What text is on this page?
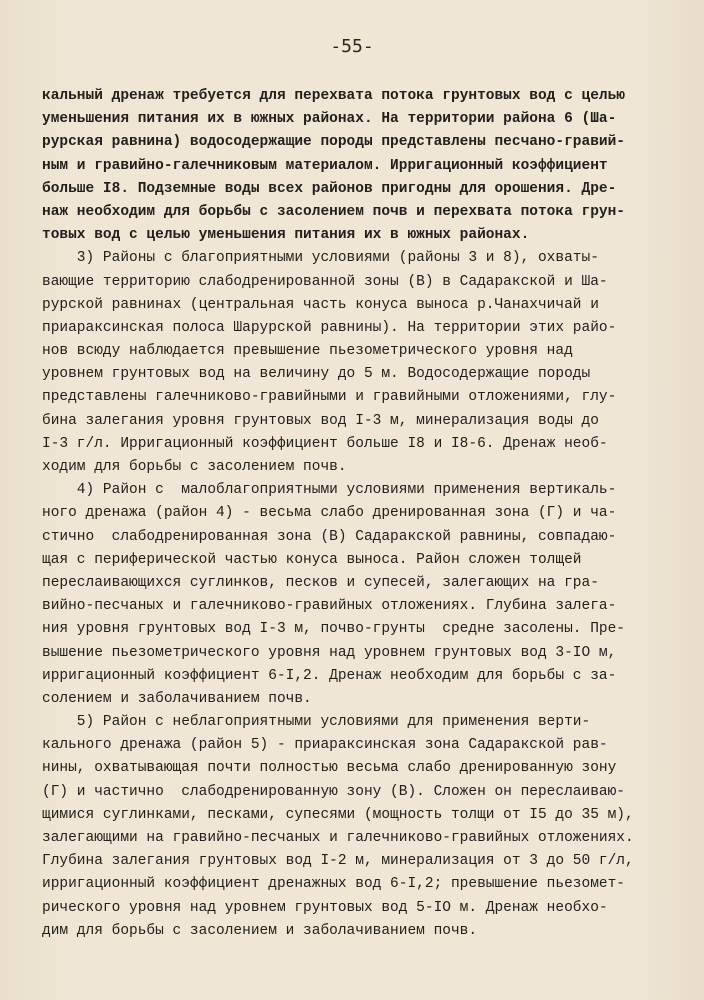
-55-
кальный дренаж требуется для перехвата потока грунтовых вод с целью
уменьшения питания их в южных районах. На территории района 6 (Ша-
рурская равнина) водосодержащие породы представлены песчано-гравий-
ным и гравийно-галечниковым материалом. Ирригационный коэффициент
больше I8. Подземные воды всех районов пригодны для орошения. Дре-
наж необходим для борьбы с засолением почв и перехвата потока грун-
товых вод с целью уменьшения питания их в южных районах.
3) Районы с благоприятными условиями (районы 3 и 8), охваты-
вающие территорию слабодренированной зоны (В) в Садаракской и Ша-
рурской равнинах (центральная часть конуса выноса р.Чанахчичай и
приараксинская полоса Шарурской равнины). На территории этих райо-
нов всюду наблюдается превышение пьезометрического уровня над
уровнем грунтовых вод на величину до 5 м. Водосодержащие породы
представлены галечниково-гравийными и гравийными отложениями, глу-
бина залегания уровня грунтовых вод I-3 м, минерализация воды до
I-3 г/л. Ирригационный коэффициент больше I8 и I8-6. Дренаж необ-
ходим для борьбы с засолением почв.
4) Район с  малоблагоприятными условиями применения вертикаль-
ного дренажа (район 4) - весьма слабо дренированная зона (Г) и ча-
стично  слабодренированная зона (В) Садаракской равнины, совпадаю-
щая с периферической частью конуса выноса. Район сложен толщей
переслаивающихся суглинков, песков и супесей, залегающих на гра-
вийно-песчаных и галечниково-гравийных отложениях. Глубина залега-
ния уровня грунтовых вод I-3 м, почво-грунты  средне засолены. Пре-
вышение пьезометрического уровня над уровнем грунтовых вод 3-IO м,
ирригационный коэффициент 6-I,2. Дренаж необходим для борьбы с за-
солением и заболачиванием почв.
5) Район с неблагоприятными условиями для применения верти-
кального дренажа (район 5) - приараксинская зона Садаракской рав-
нины, охватывающая почти полностью весьма слабо дренированную зону
(Г) и частично  слабодренированную зону (В). Сложен он переслаиваю-
щимися суглинками, песками, супесями (мощность толщи от I5 до 35 м),
залегающими на гравийно-песчаных и галечниково-гравийных отложениях.
Глубина залегания грунтовых вод I-2 м, минерализация от 3 до 50 г/л,
ирригационный коэффициент дренажных вод 6-I,2; превышение пьезомет-
рического уровня над уровнем грунтовых вод 5-IO м. Дренаж необхо-
дим для борьбы с засолением и заболачиванием почв.
